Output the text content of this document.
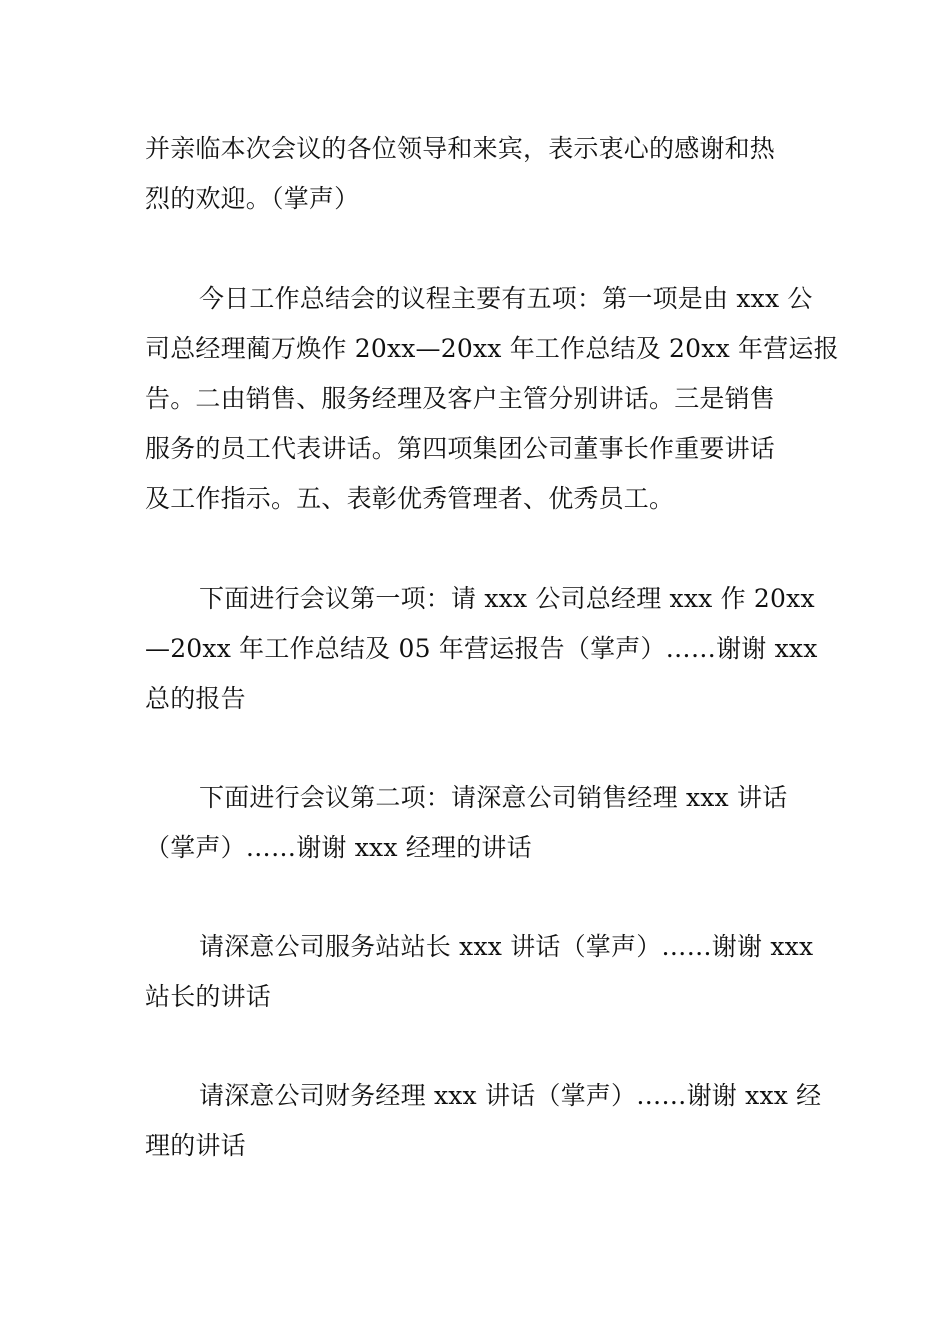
并亲临本次会议的各位领导和来宾，表示衷心的感谢和热
烈的欢迎。（掌声）
今日工作总结会的议程主要有五项：第一项是由 xxx 公
司总经理蔺万焕作 20xx—20xx 年工作总结及 20xx 年营运报
告。二由销售、服务经理及客户主管分别讲话。三是销售
服务的员工代表讲话。第四项集团公司董事长作重要讲话
及工作指示。五、表彰优秀管理者、优秀员工。
下面进行会议第一项：请 xxx 公司总经理 xxx 作 20xx
—20xx 年工作总结及 05 年营运报告（掌声）……谢谢 xxx
总的报告
下面进行会议第二项：请深意公司销售经理 xxx 讲话
（掌声）……谢谢 xxx 经理的讲话
请深意公司服务站站长 xxx 讲话（掌声）……谢谢 xxx
站长的讲话
请深意公司财务经理 xxx 讲话（掌声）……谢谢 xxx 经
理的讲话
